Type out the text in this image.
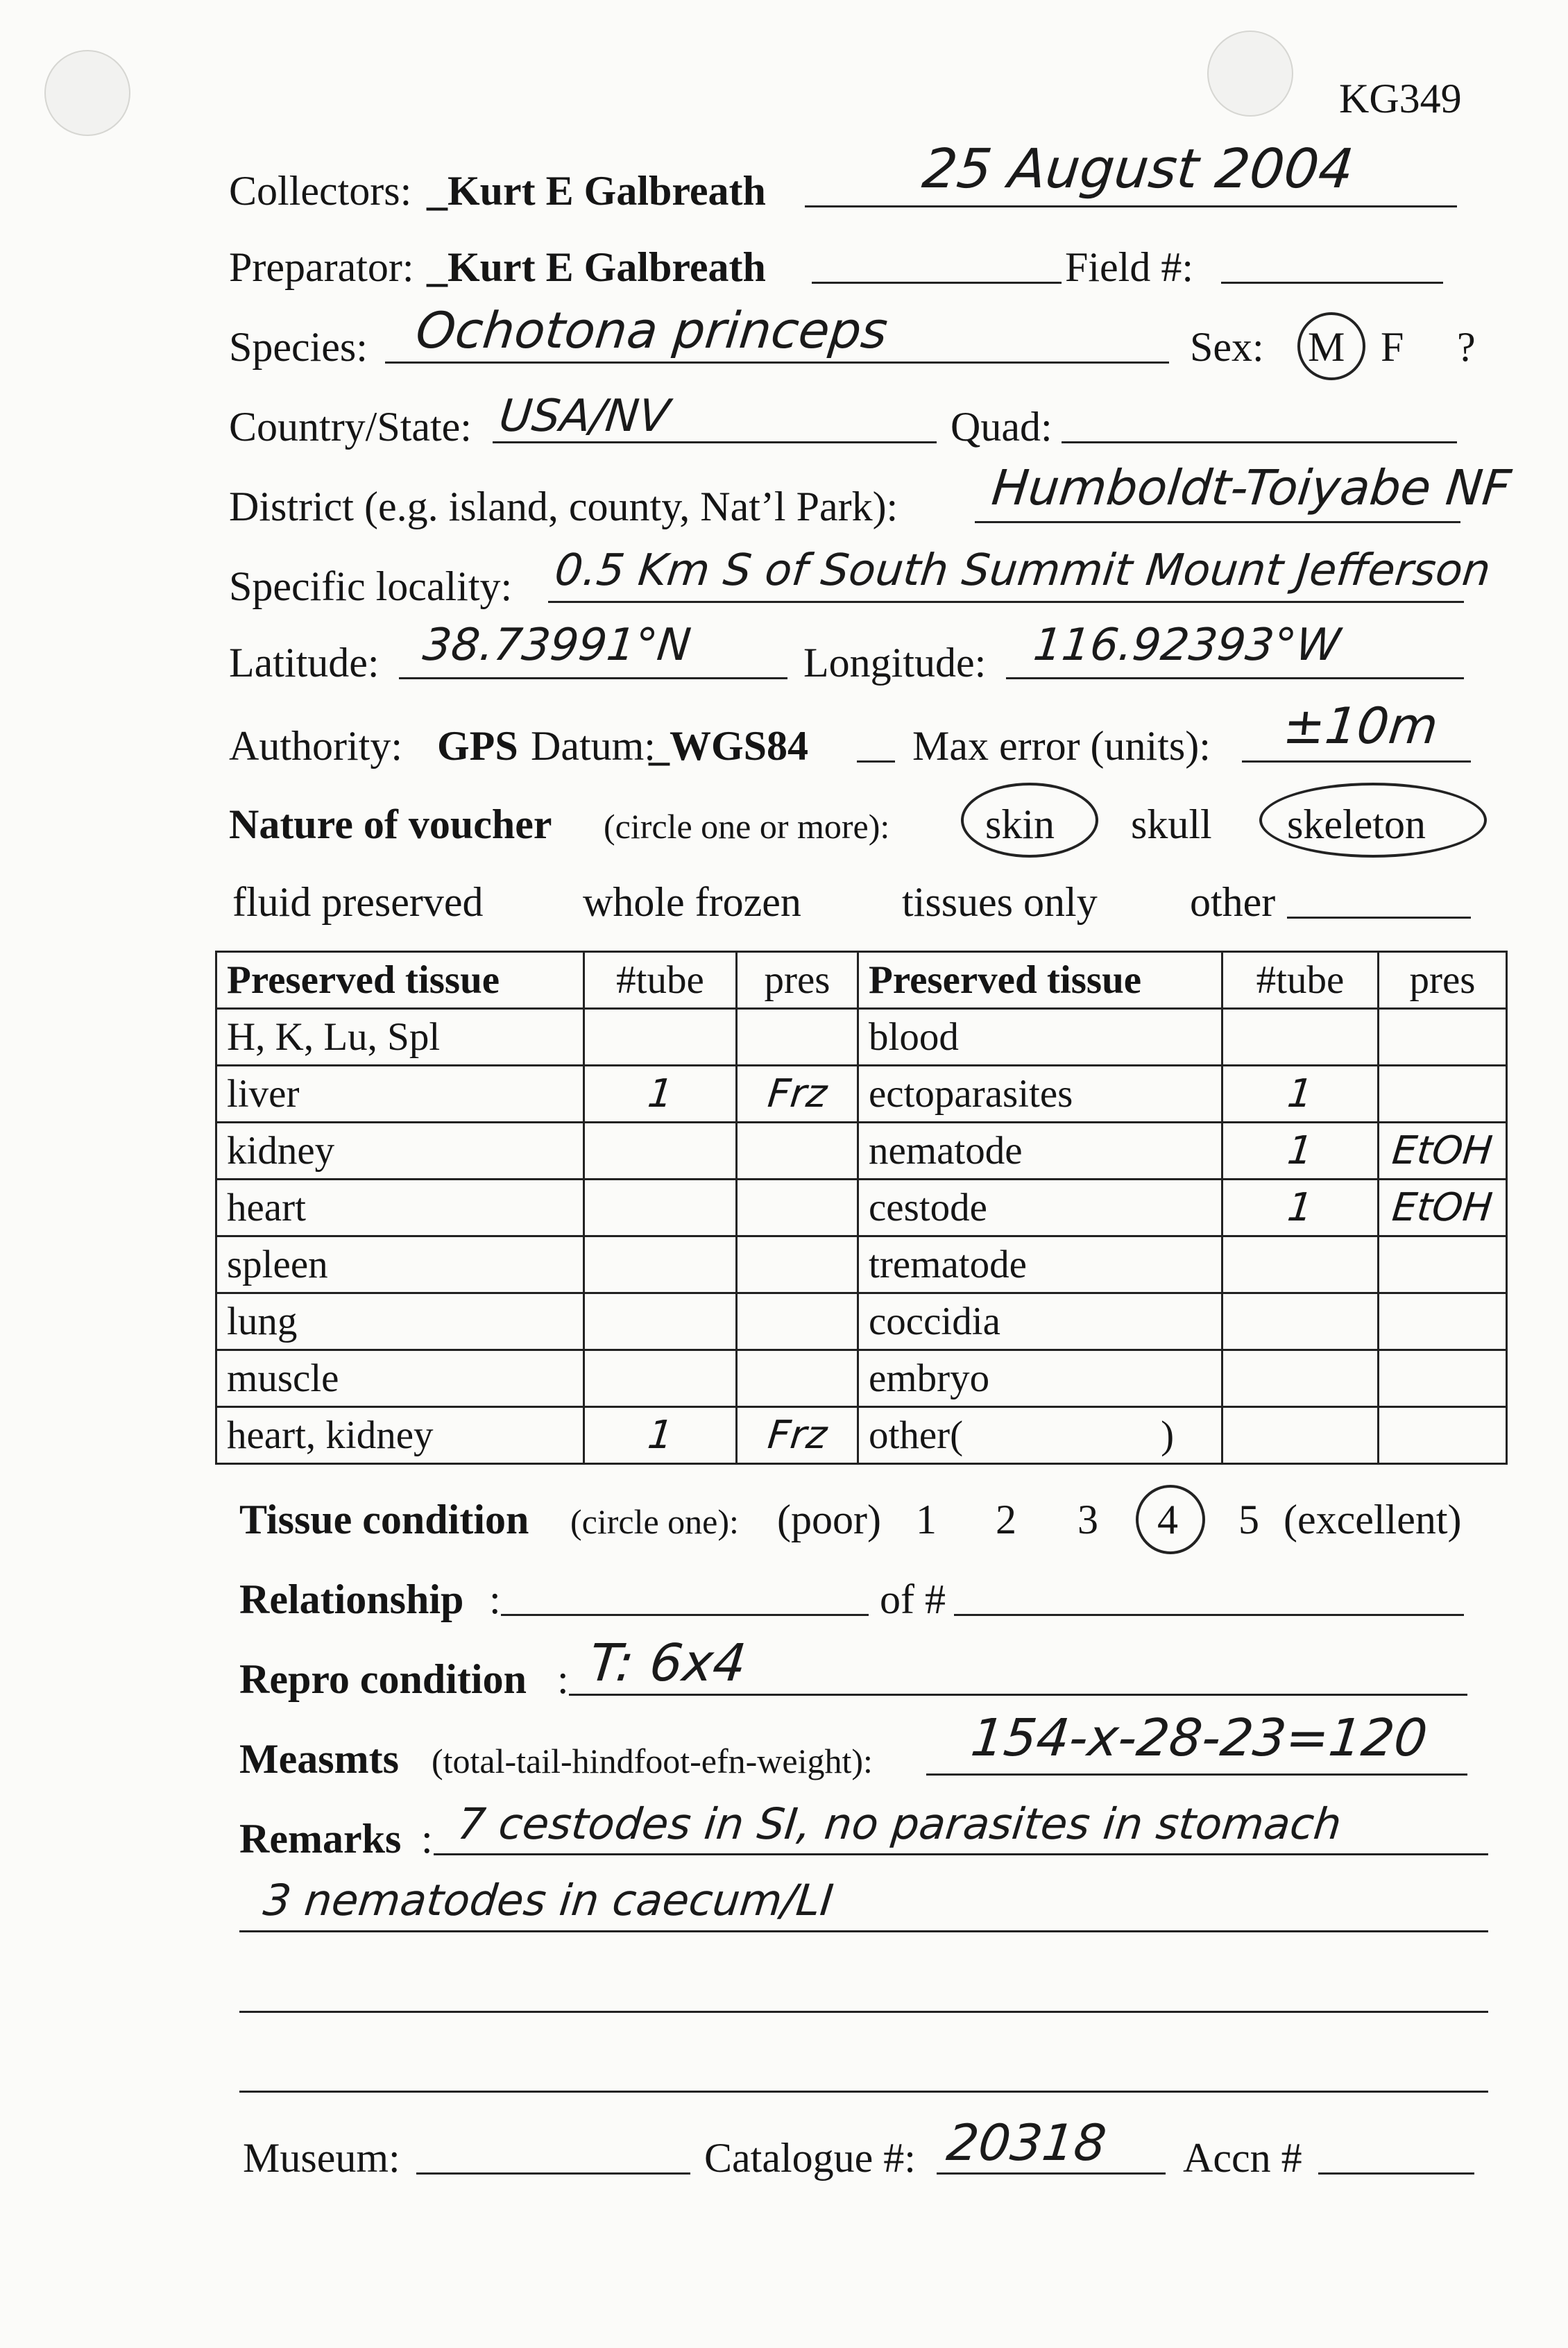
KG349
Collectors: _Kurt E Galbreath	25 August 2004
Preparator: _Kurt E Galbreath	Field #:
Species: Ochotona princeps	Sex: M F ?
Country/State: USA/NV	Quad:
District (e.g. island, county, Nat’l Park): Humboldt-Toiyabe NF
Specific locality: 0.5 Km S of South Summit Mount Jefferson
Latitude: 38.73991°N	Longitude: 116.92393°W
Authority: GPS Datum:
_WGS84 Max error (units): ±10m
Nature of voucher (circle one or more): skin skull skeleton
fluid preserved whole frozen tissues only other
Preserved tissue	#tube	pres	Preserved tissue	#tube	pres
H, K, Lu, Spl			blood		
liver	1	Frz	ectoparasites	1	
kidney			nematode	1	EtOH
heart			cestode	1	EtOH
spleen			trematode		
lung			coccidia		
muscle			embryo		
heart, kidney	1	Frz	other(                    )		
Tissue condition (circle one): (poor) 1 2 3 4 5 (excellent)
Relationship :	of #
Repro condition : T: 6x4
Measmts (total-tail-hindfoot-efn-weight): 154-x-28-23=120
Remarks : 7 cestodes in SI, no parasites in stomach
3 nematodes in caecum/LI
Museum:	Catalogue #: 20318 Accn #
